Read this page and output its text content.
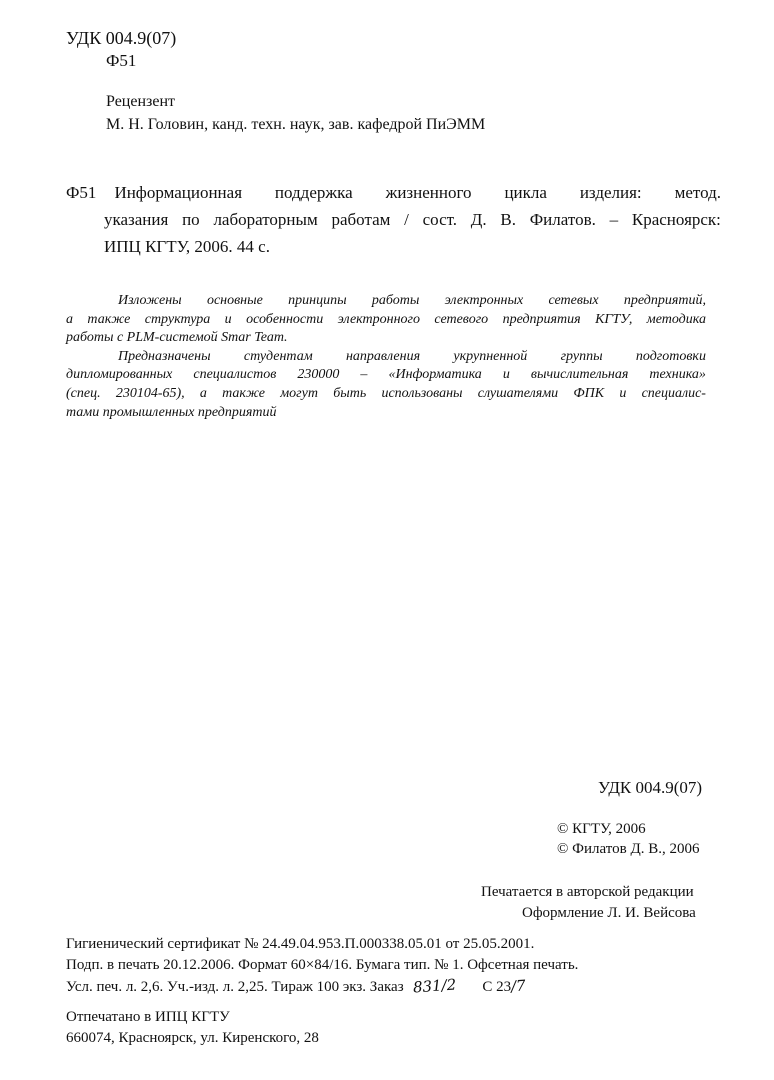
УДК 004.9(07)
Ф51
Рецензент
М. Н. Головин, канд. техн. наук, зав. кафедрой ПиЭММ
Ф51 Информационная поддержка жизненного цикла изделия: метод.
указания по лабораторным работам / сост. Д. В. Филатов. – Красноярск:
ИПЦ КГТУ, 2006. 44 с.
Изложены основные принципы работы электронных сетевых предприятий,
а также структура и особенности электронного сетевого предприятия КГТУ, методика
работы с PLM-системой Smar Team.
Предназначены студентам направления укрупненной группы подготовки
дипломированных специалистов 230000 – «Информатика и вычислительная техника»
(спец. 230104-65), а также могут быть использованы слушателями ФПК и специалис-
тами промышленных предприятий
УДК 004.9(07)
© КГТУ, 2006
© Филатов Д. В., 2006
Печатается в авторской редакции
Оформление Л. И. Вейсова
Гигиенический сертификат № 24.49.04.953.П.000338.05.01 от 25.05.2001.
Подп. в печать 20.12.2006. Формат 60×84/16. Бумага тип. № 1. Офсетная печать.
Усл. печ. л. 2,6. Уч.-изд. л. 2,25. Тираж 100 экз. Заказ 831/2 С 23/7
Отпечатано в ИПЦ КГТУ
660074, Красноярск, ул. Киренского, 28
